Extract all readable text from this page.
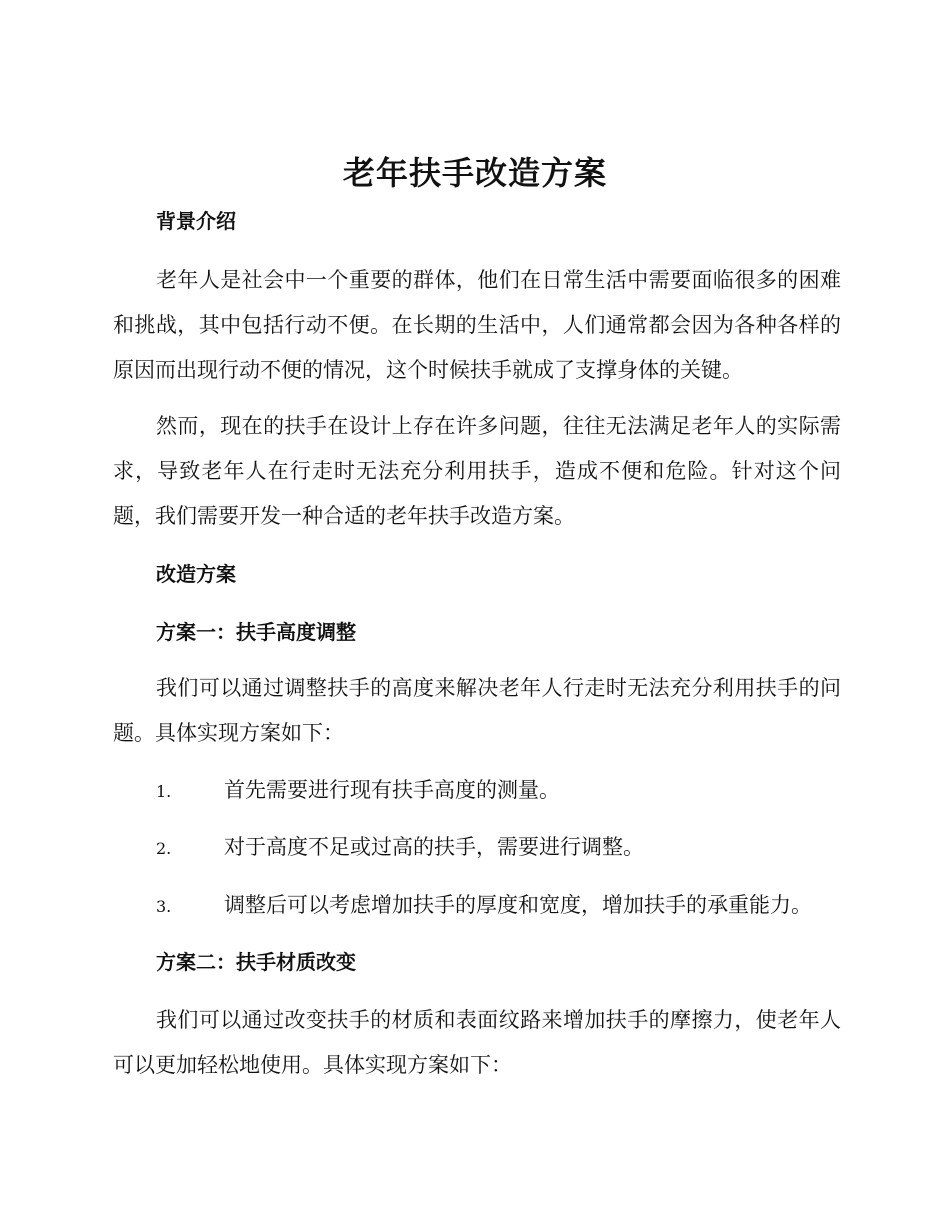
老年扶手改造方案
背景介绍
老年人是社会中一个重要的群体，他们在日常生活中需要面临很多的困难和挑战，其中包括行动不便。在长期的生活中，人们通常都会因为各种各样的原因而出现行动不便的情况，这个时候扶手就成了支撑身体的关键。
然而，现在的扶手在设计上存在许多问题，往往无法满足老年人的实际需求，导致老年人在行走时无法充分利用扶手，造成不便和危险。针对这个问题，我们需要开发一种合适的老年扶手改造方案。
改造方案
方案一：扶手高度调整
我们可以通过调整扶手的高度来解决老年人行走时无法充分利用扶手的问题。具体实现方案如下：
1.	首先需要进行现有扶手高度的测量。
2.	对于高度不足或过高的扶手，需要进行调整。
3.	调整后可以考虑增加扶手的厚度和宽度，增加扶手的承重能力。
方案二：扶手材质改变
我们可以通过改变扶手的材质和表面纹路来增加扶手的摩擦力，使老年人可以更加轻松地使用。具体实现方案如下：
